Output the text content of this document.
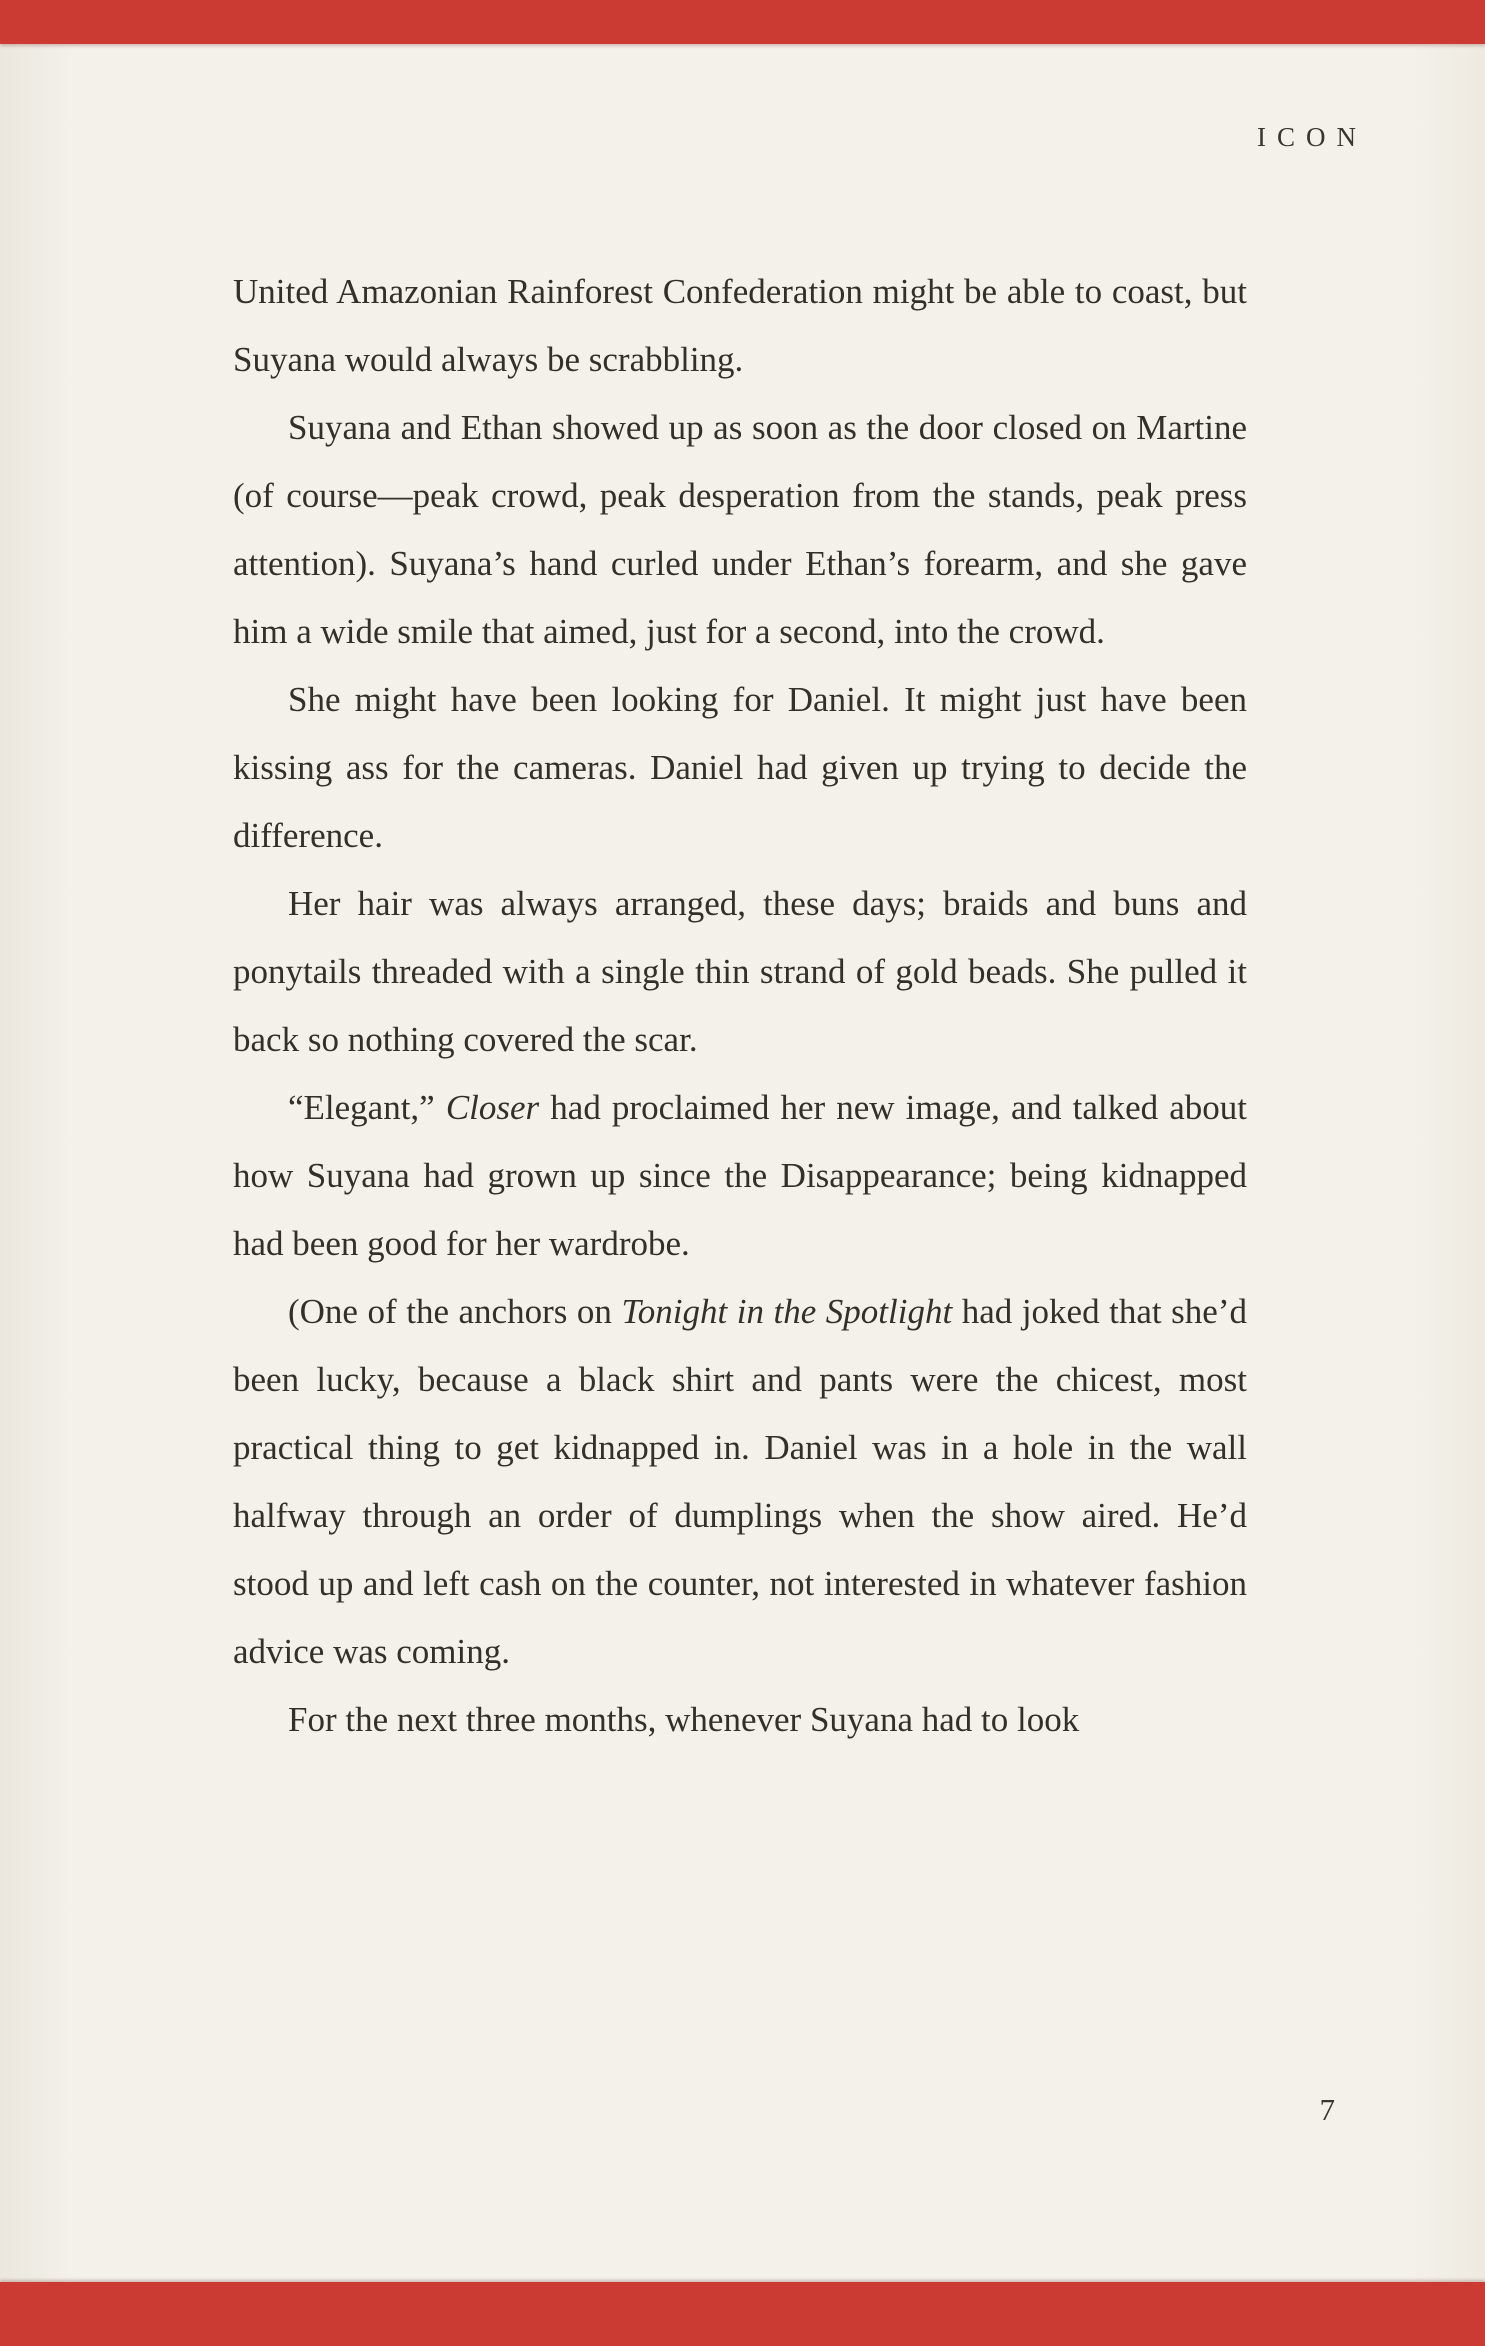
ICON

United Amazonian Rainforest Confederation might be able to coast, but Suyana would always be scrabbling.

Suyana and Ethan showed up as soon as the door closed on Martine (of course—peak crowd, peak desperation from the stands, peak press attention). Suyana’s hand curled under Ethan’s forearm, and she gave him a wide smile that aimed, just for a second, into the crowd.

She might have been looking for Daniel. It might just have been kissing ass for the cameras. Daniel had given up trying to decide the difference.

Her hair was always arranged, these days; braids and buns and ponytails threaded with a single thin strand of gold beads. She pulled it back so nothing covered the scar.

“Elegant,” Closer had proclaimed her new image, and talked about how Suyana had grown up since the Disappearance; being kidnapped had been good for her wardrobe.

(One of the anchors on Tonight in the Spotlight had joked that she’d been lucky, because a black shirt and pants were the chicest, most practical thing to get kidnapped in. Daniel was in a hole in the wall halfway through an order of dumplings when the show aired. He’d stood up and left cash on the counter, not interested in whatever fashion advice was coming.

For the next three months, whenever Suyana had to look

7
